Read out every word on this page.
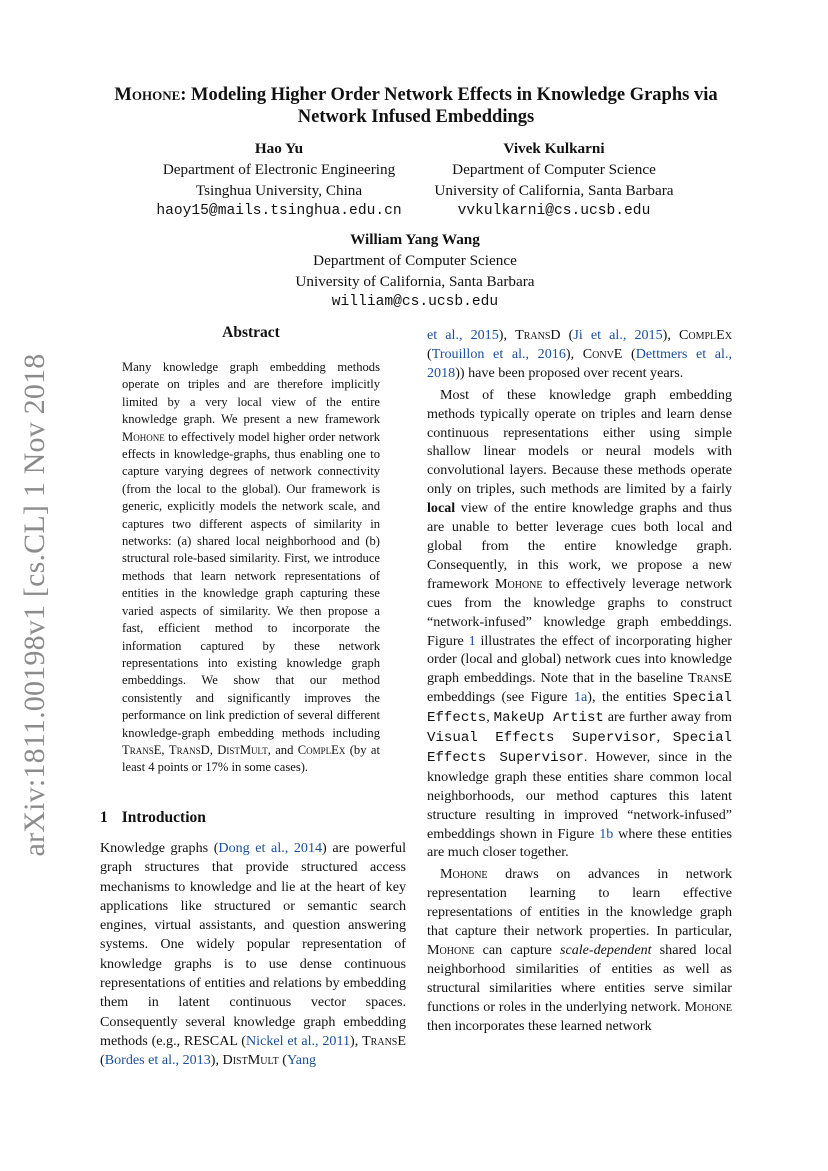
arXiv:1811.00198v1 [cs.CL] 1 Nov 2018
Mohone: Modeling Higher Order Network Effects in Knowledge Graphs via Network Infused Embeddings
Hao Yu
Department of Electronic Engineering
Tsinghua University, China
haoy15@mails.tsinghua.edu.cn
Vivek Kulkarni
Department of Computer Science
University of California, Santa Barbara
vvkulkarni@cs.ucsb.edu
William Yang Wang
Department of Computer Science
University of California, Santa Barbara
william@cs.ucsb.edu
Abstract
Many knowledge graph embedding methods operate on triples and are therefore implicitly limited by a very local view of the entire knowledge graph. We present a new framework Mohone to effectively model higher order network effects in knowledge-graphs, thus enabling one to capture varying degrees of network connectivity (from the local to the global). Our framework is generic, explicitly models the network scale, and captures two different aspects of similarity in networks: (a) shared local neighborhood and (b) structural role-based similarity. First, we introduce methods that learn network representations of entities in the knowledge graph capturing these varied aspects of similarity. We then propose a fast, efficient method to incorporate the information captured by these network representations into existing knowledge graph embeddings. We show that our method consistently and significantly improves the performance on link prediction of several different knowledge-graph embedding methods including TransE, TransD, DistMult, and ComplEx (by at least 4 points or 17% in some cases).
1 Introduction

Knowledge graphs (Dong et al., 2014) are powerful graph structures that provide structured access mechanisms to knowledge and lie at the heart of key applications like structured or semantic search engines, virtual assistants, and question answering systems. One widely popular representation of knowledge graphs is to use dense continuous representations of entities and relations by embedding them in latent continuous vector spaces. Consequently several knowledge graph embedding methods (e.g., RESCAL (Nickel et al., 2011), TransE (Bordes et al., 2013), DistMult (Yang

et al., 2015), TransD (Ji et al., 2015), ComplEx (Trouillon et al., 2016), ConvE (Dettmers et al., 2018)) have been proposed over recent years.

Most of these knowledge graph embedding methods typically operate on triples and learn dense continuous representations either using simple shallow linear models or neural models with convolutional layers. Because these methods operate only on triples, such methods are limited by a fairly local view of the entire knowledge graphs and thus are unable to better leverage cues both local and global from the entire knowledge graph. Consequently, in this work, we propose a new framework Mohone to effectively leverage network cues from the knowledge graphs to construct “network-infused” knowledge graph embeddings. Figure 1 illustrates the effect of incorporating higher order (local and global) network cues into knowledge graph embeddings. Note that in the baseline TransE embeddings (see Figure 1a), the entities Special Effects, MakeUp Artist are further away from Visual Effects Supervisor, Special Effects Supervisor. However, since in the knowledge graph these entities share common local neighborhoods, our method captures this latent structure resulting in improved “network-infused” embeddings shown in Figure 1b where these entities are much closer together.

Mohone draws on advances in network representation learning to learn effective representations of entities in the knowledge graph that capture their network properties. In particular, Mohone can capture scale-dependent shared local neighborhood similarities of entities as well as structural similarities where entities serve similar functions or roles in the underlying network. Mohone then incorporates these learned network
